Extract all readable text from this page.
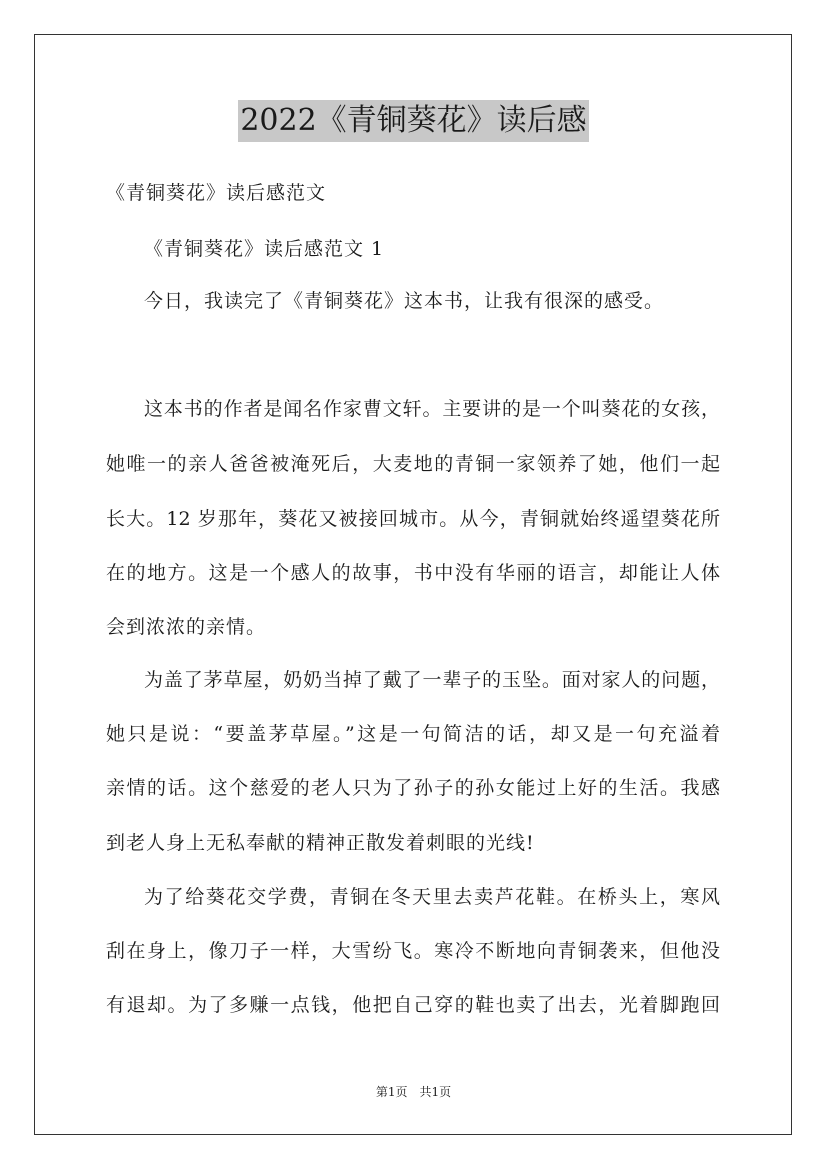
2022《青铜葵花》读后感
《青铜葵花》读后感范文
《青铜葵花》读后感范文 1
今日，我读完了《青铜葵花》这本书，让我有很深的感受。
这本书的作者是闻名作家曹文轩。主要讲的是一个叫葵花的女孩，
她唯一的亲人爸爸被淹死后，大麦地的青铜一家领养了她，他们一起
长大。12 岁那年，葵花又被接回城市。从今，青铜就始终遥望葵花所
在的地方。这是一个感人的故事，书中没有华丽的语言，却能让人体
会到浓浓的亲情。
为盖了茅草屋，奶奶当掉了戴了一辈子的玉坠。面对家人的问题，
她只是说：“要盖茅草屋。”这是一句简洁的话，却又是一句充溢着
亲情的话。这个慈爱的老人只为了孙子的孙女能过上好的生活。我感
到老人身上无私奉献的精神正散发着刺眼的光线!
为了给葵花交学费，青铜在冬天里去卖芦花鞋。在桥头上，寒风
刮在身上，像刀子一样，大雪纷飞。寒冷不断地向青铜袭来，但他没
有退却。为了多赚一点钱，他把自己穿的鞋也卖了出去，光着脚跑回
第1页　共1页
